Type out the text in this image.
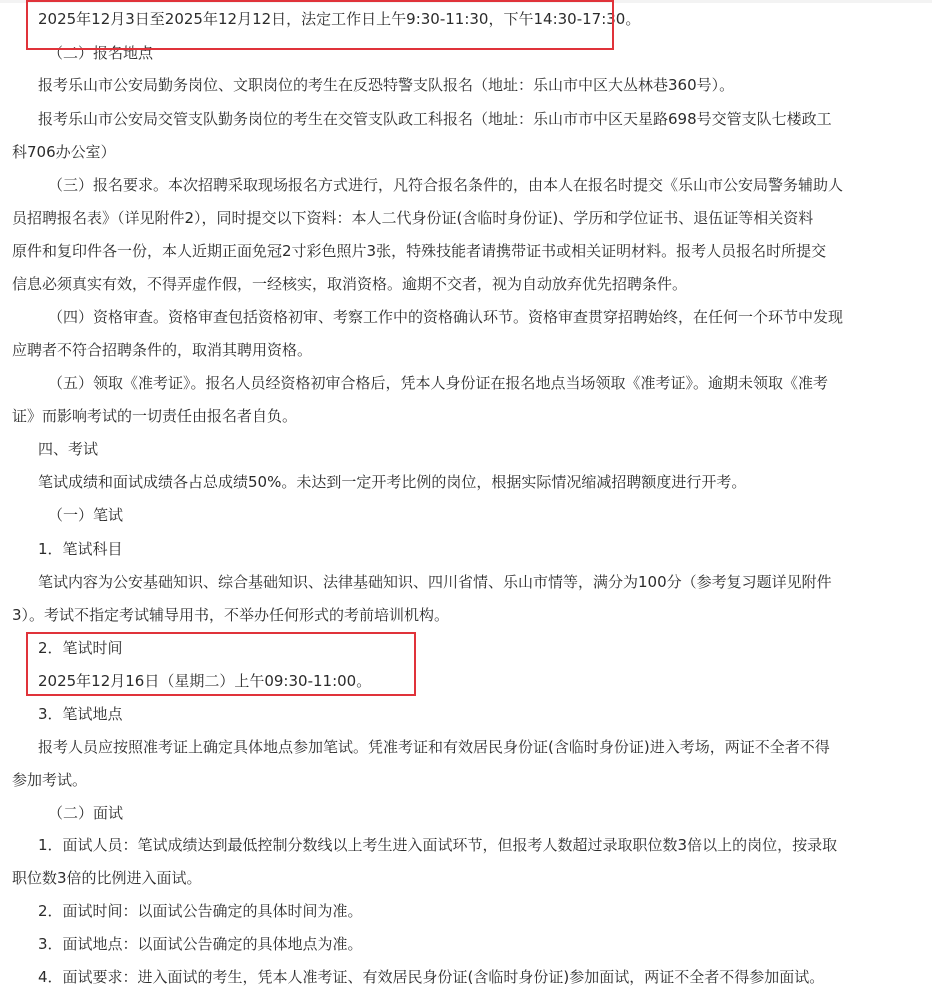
2025年12月3日至2025年12月12日，法定工作日上午9:30-11:30，下午14:30-17:30。
（二）报名地点
报考乐山市公安局勤务岗位、文职岗位的考生在反恐特警支队报名（地址：乐山市中区大丛林巷360号）。
报考乐山市公安局交管支队勤务岗位的考生在交管支队政工科报名（地址：乐山市市中区天星路698号交管支队七楼政工
科706办公室）
（三）报名要求。本次招聘采取现场报名方式进行，凡符合报名条件的，由本人在报名时提交《乐山市公安局警务辅助人
员招聘报名表》（详见附件2），同时提交以下资料：本人二代身份证(含临时身份证)、学历和学位证书、退伍证等相关资料
原件和复印件各一份，本人近期正面免冠2寸彩色照片3张，特殊技能者请携带证书或相关证明材料。报考人员报名时所提交
信息必须真实有效，不得弄虚作假，一经核实，取消资格。逾期不交者，视为自动放弃优先招聘条件。
（四）资格审查。资格审查包括资格初审、考察工作中的资格确认环节。资格审查贯穿招聘始终，在任何一个环节中发现
应聘者不符合招聘条件的，取消其聘用资格。
（五）领取《准考证》。报名人员经资格初审合格后，凭本人身份证在报名地点当场领取《准考证》。逾期未领取《准考
证》而影响考试的一切责任由报名者自负。
四、考试
笔试成绩和面试成绩各占总成绩50%。未达到一定开考比例的岗位，根据实际情况缩减招聘额度进行开考。
（一）笔试
1．笔试科目
笔试内容为公安基础知识、综合基础知识、法律基础知识、四川省情、乐山市情等，满分为100分（参考复习题详见附件
3）。考试不指定考试辅导用书，不举办任何形式的考前培训机构。
2．笔试时间
2025年12月16日（星期二）上午09:30-11:00。
3．笔试地点
报考人员应按照准考证上确定具体地点参加笔试。凭准考证和有效居民身份证(含临时身份证)进入考场，两证不全者不得
参加考试。
（二）面试
1．面试人员：笔试成绩达到最低控制分数线以上考生进入面试环节，但报考人数超过录取职位数3倍以上的岗位，按录取
职位数3倍的比例进入面试。
2．面试时间：以面试公告确定的具体时间为准。
3．面试地点：以面试公告确定的具体地点为准。
4．面试要求：进入面试的考生，凭本人准考证、有效居民身份证(含临时身份证)参加面试，两证不全者不得参加面试。
